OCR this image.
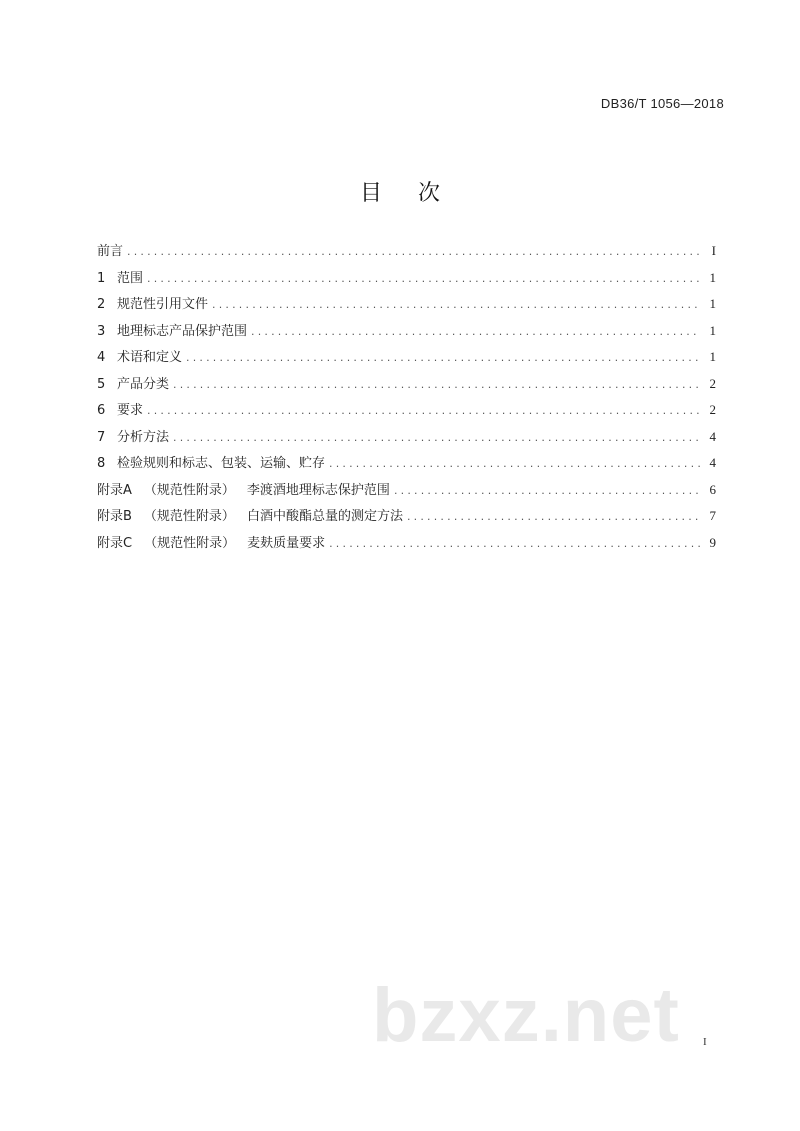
DB36/T 1056—2018
目 次
前言 .....	I
1 范围 .....	1
2 规范性引用文件 .....	1
3 地理标志产品保护范围 .....	1
4 术语和定义 .....	1
5 产品分类 .....	2
6 要求 .....	2
7 分析方法 .....	4
8 检验规则和标志、包装、运输、贮存 .....	4
附录A （规范性附录） 李渡酒地理标志保护范围 .....	6
附录B （规范性附录） 白酒中酸酯总量的测定方法 .....	7
附录C （规范性附录） 麦麸质量要求 .....	9
bzxz.net I
